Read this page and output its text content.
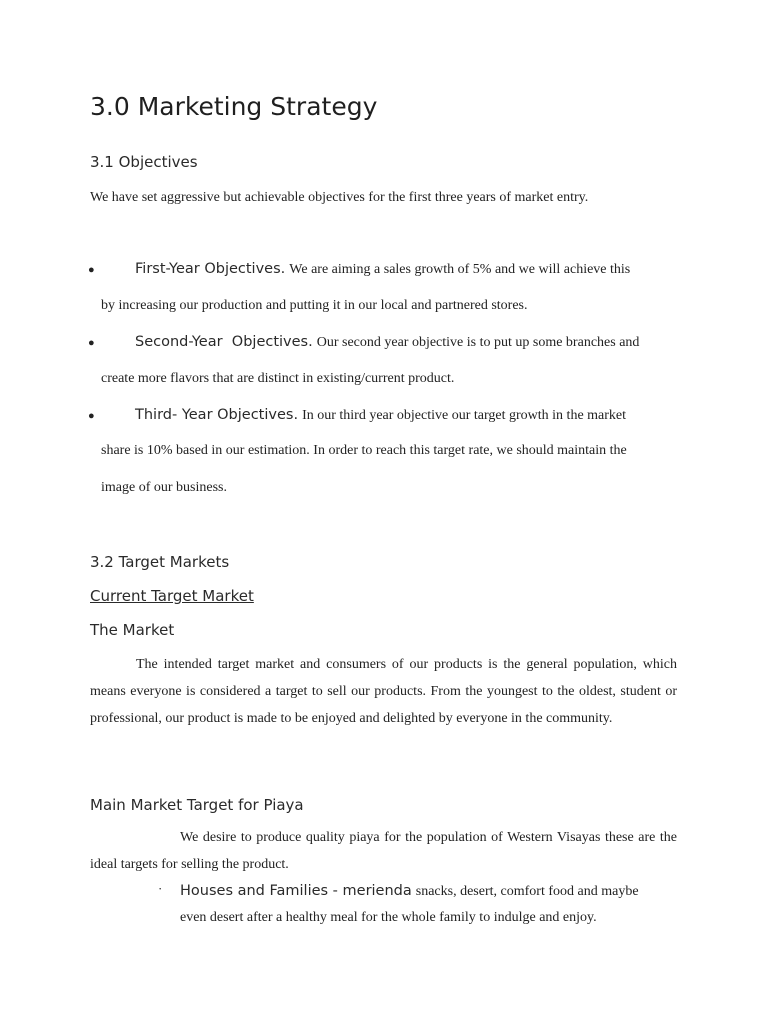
3.0 Marketing Strategy
3.1 Objectives
We have set aggressive but achievable objectives for the first three years of market entry.
●	First-Year Objectives. We are aiming a sales growth of 5% and we will achieve this
by increasing our production and putting it in our local and partnered stores.
●	Second-Year  Objectives. Our second year objective is to put up some branches and
create more flavors that are distinct in existing/current product.
●	Third- Year Objectives. In our third year objective our target growth in the market
share is 10% based in our estimation. In order to reach this target rate, we should maintain the
image of our business.
3.2 Target Markets
Current Target Market
The Market
The intended target market and consumers of our products is the general population, which means everyone is considered a target to sell our products. From the youngest to the oldest, student or professional, our product is made to be enjoyed and delighted by everyone in the community.
Main Market Target for Piaya
We desire to produce quality piaya for the population of Western Visayas these are the ideal targets for selling the product.
· Houses and Families - merienda snacks, desert, comfort food and maybe
even desert after a healthy meal for the whole family to indulge and enjoy.
